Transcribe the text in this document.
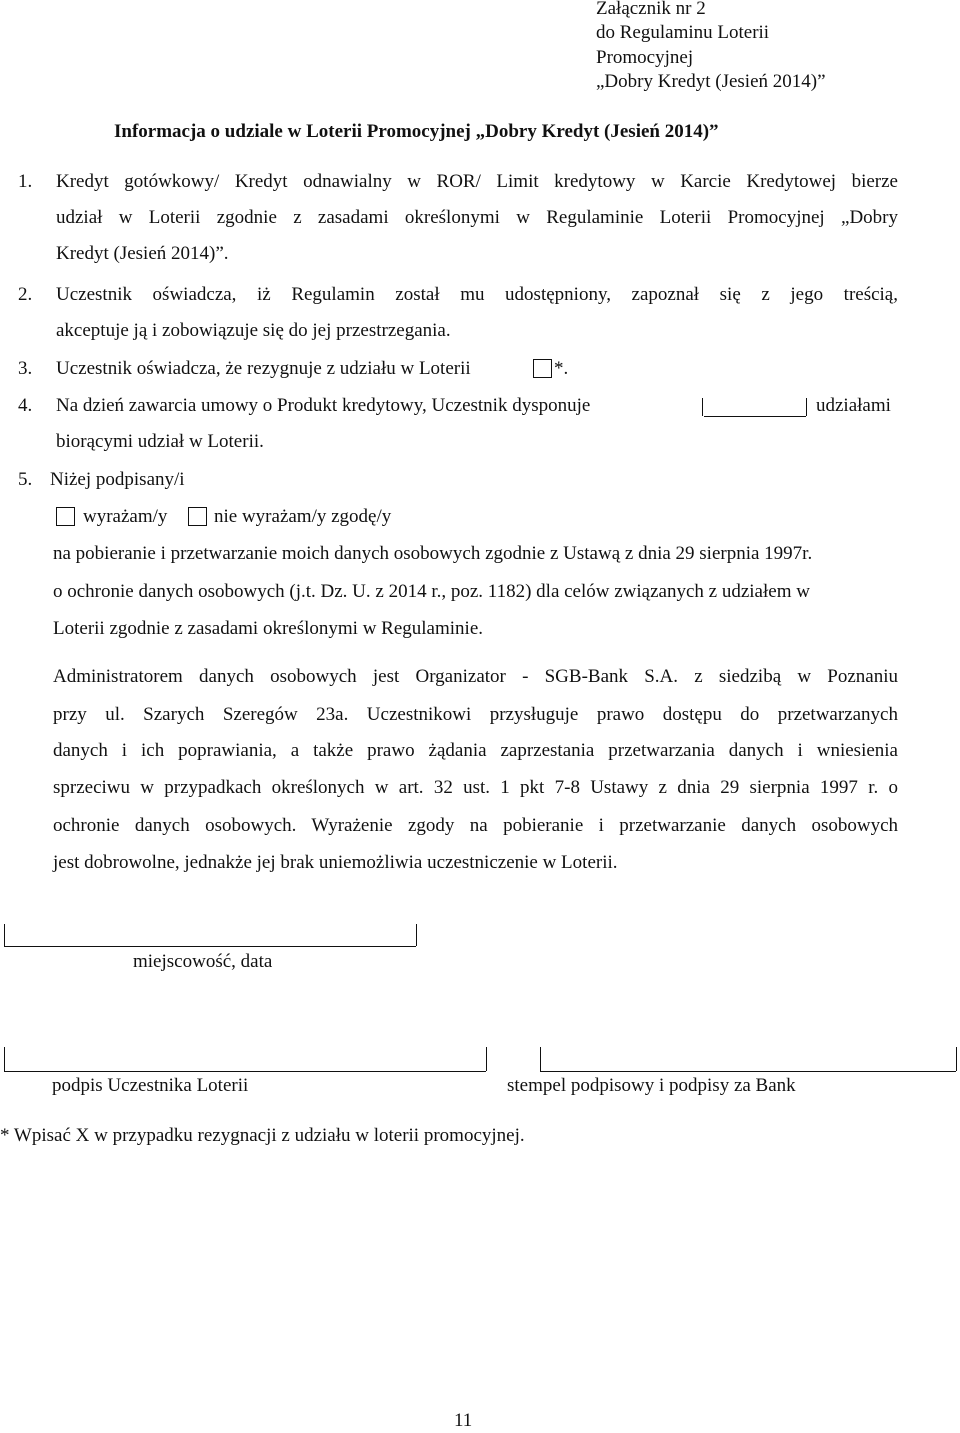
Załącznik nr 2
do Regulaminu Loterii
Promocyjnej
„Dobry Kredyt (Jesień 2014)”
Informacja o udziale w Loterii Promocyjnej „Dobry Kredyt (Jesień 2014)”
1. Kredyt gotówkowy/ Kredyt odnawialny w ROR/ Limit kredytowy w Karcie Kredytowej bierze
udział w Loterii zgodnie z zasadami określonymi w Regulaminie Loterii Promocyjnej „Dobry
Kredyt (Jesień 2014)”.
2. Uczestnik oświadcza, iż Regulamin został mu udostępniony, zapoznał się z jego treścią,
akceptuje ją i zobowiązuje się do jej przestrzegania.
3. Uczestnik oświadcza, że rezygnuje z udziału w Loterii	*.
4. Na dzień zawarcia umowy o Produkt kredytowy, Uczestnik dysponuje	udziałami
biorącymi udział w Loterii.
5. Niżej podpisany/i
wyrażam/y nie wyrażam/y zgodę/y
na pobieranie i przetwarzanie moich danych osobowych zgodnie z Ustawą z dnia 29 sierpnia 1997r.
o ochronie danych osobowych (j.t. Dz. U. z 2014 r., poz. 1182) dla celów związanych z udziałem w
Loterii zgodnie z zasadami określonymi w Regulaminie.
Administratorem danych osobowych jest Organizator - SGB-Bank S.A. z siedzibą w Poznaniu
przy ul. Szarych Szeregów 23a. Uczestnikowi przysługuje prawo dostępu do przetwarzanych
danych i ich poprawiania, a także prawo żądania zaprzestania przetwarzania danych i wniesienia
sprzeciwu w przypadkach określonych w art. 32 ust. 1 pkt 7-8 Ustawy z dnia 29 sierpnia 1997 r. o
ochronie danych osobowych. Wyrażenie zgody na pobieranie i przetwarzanie danych osobowych
jest dobrowolne, jednakże jej brak uniemożliwia uczestniczenie w Loterii.
miejscowość, data
podpis Uczestnika Loterii	stempel podpisowy i podpisy za Bank
* Wpisać X w przypadku rezygnacji z udziału w loterii promocyjnej.
11
